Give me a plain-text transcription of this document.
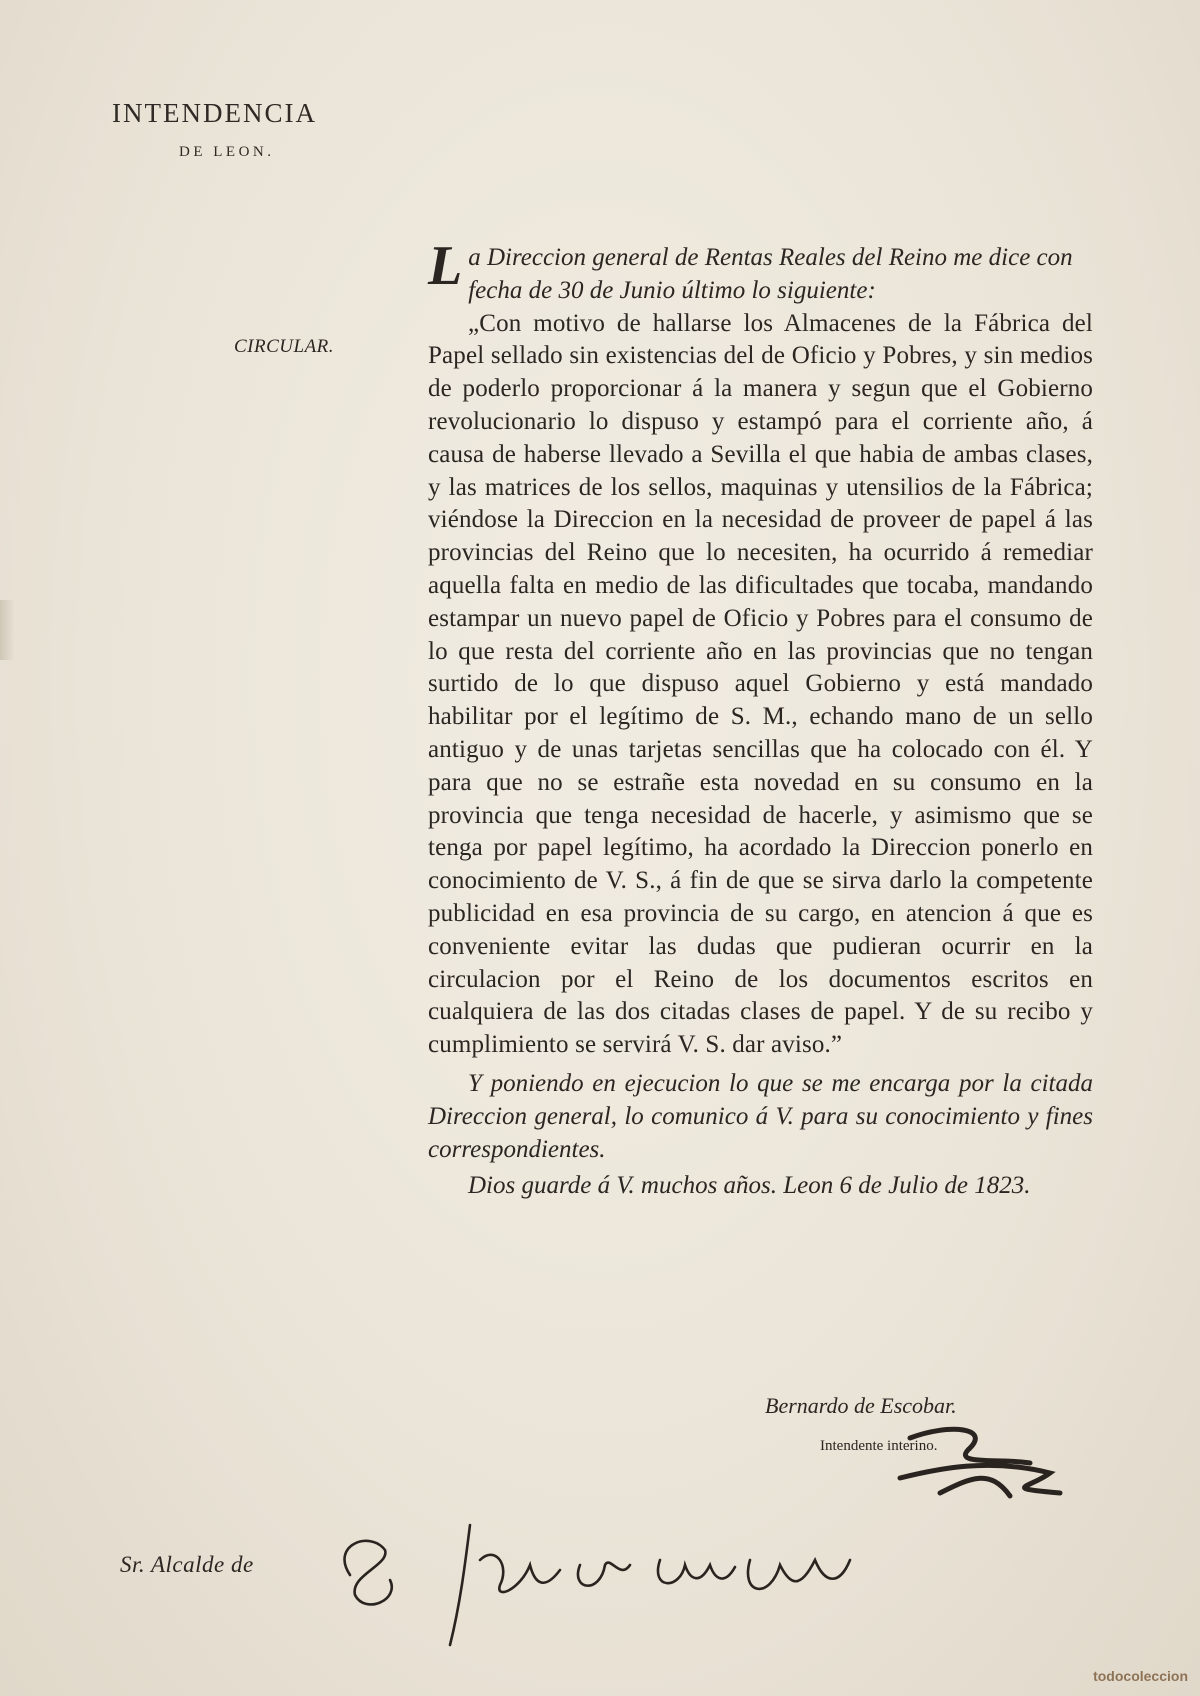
INTENDENCIA
DE LEON.
CIRCULAR.

La Direccion general de Rentas Reales del Reino me dice con fecha de 30 de Junio último lo siguiente:

„Con motivo de hallarse los Almacenes de la Fábrica del Papel sellado sin existencias del de Oficio y Pobres, y sin medios de poderlo proporcionar á la manera y segun que el Gobierno revolucionario lo dispuso y estampó para el corriente año, á causa de haberse llevado a Sevilla el que habia de ambas clases, y las matrices de los sellos, maquinas y utensilios de la Fábrica; viéndose la Direccion en la necesidad de proveer de papel á las provincias del Reino que lo necesiten, ha ocurrido á remediar aquella falta en medio de las dificultades que tocaba, mandando estampar un nuevo papel de Oficio y Pobres para el consumo de lo que resta del corriente año en las provincias que no tengan surtido de lo que dispuso aquel Gobierno y está mandado habilitar por el legítimo de S. M., echando mano de un sello antiguo y de unas tarjetas sencillas que ha colocado con él. Y para que no se estrañe esta novedad en su consumo en la provincia que tenga necesidad de hacerle, y asimismo que se tenga por papel legítimo, ha acordado la Direccion ponerlo en conocimiento de V. S., á fin de que se sirva darlo la competente publicidad en esa provincia de su cargo, en atencion á que es conveniente evitar las dudas que pudieran ocurrir en la circulacion por el Reino de los documentos escritos en cualquiera de las dos citadas clases de papel. Y de su recibo y cumplimiento se servirá V. S. dar aviso.”

Y poniendo en ejecucion lo que se me encarga por la citada Direccion general, lo comunico á V. para su conocimiento y fines correspondientes.

Dios guarde á V. muchos años. Leon 6 de Julio de 1823.

Bernardo de Escobar.
Intendente interino.
Sr. Alcalde de
todocoleccion
